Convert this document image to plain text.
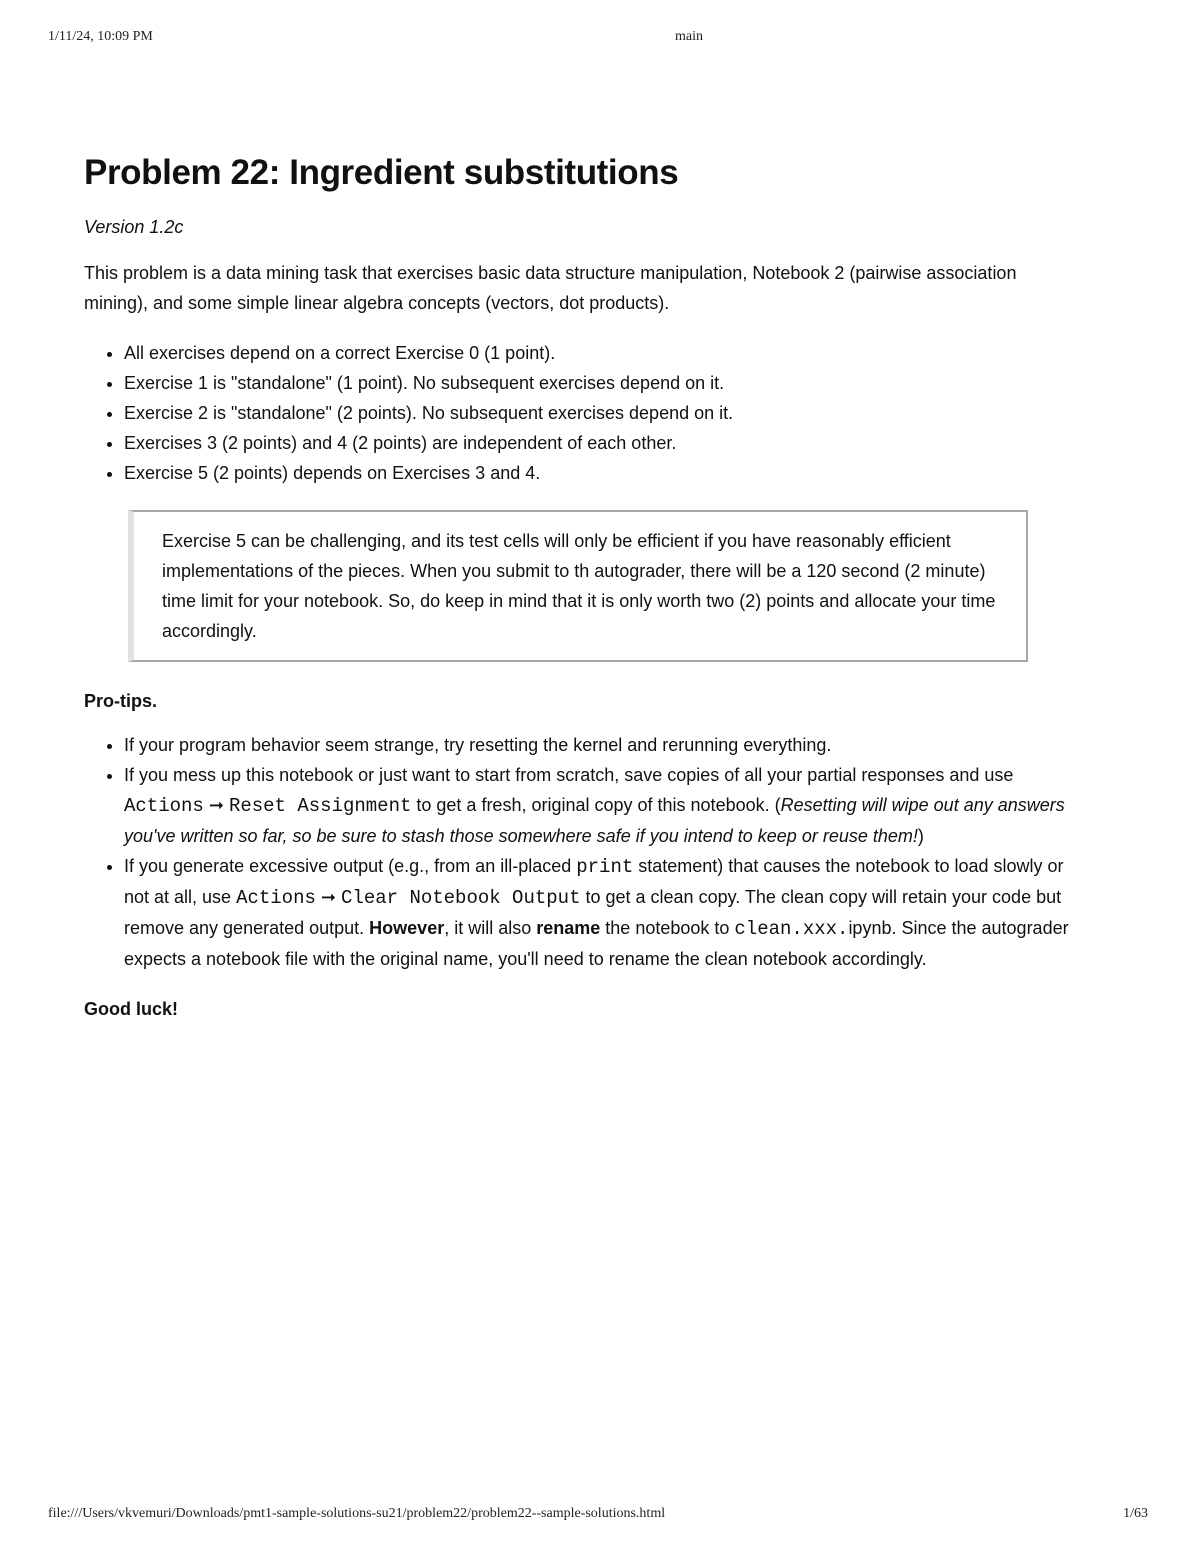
1/11/24, 10:09 PM	main
Problem 22: Ingredient substitutions

Version 1.2c

This problem is a data mining task that exercises basic data structure manipulation, Notebook 2 (pairwise association mining), and some simple linear algebra concepts (vectors, dot products).

• All exercises depend on a correct Exercise 0 (1 point).
• Exercise 1 is "standalone" (1 point). No subsequent exercises depend on it.
• Exercise 2 is "standalone" (2 points). No subsequent exercises depend on it.
• Exercises 3 (2 points) and 4 (2 points) are independent of each other.
• Exercise 5 (2 points) depends on Exercises 3 and 4.
Exercise 5 can be challenging, and its test cells will only be efficient if you have reasonably efficient implementations of the pieces. When you submit to th autograder, there will be a 120 second (2 minute) time limit for your notebook. So, do keep in mind that it is only worth two (2) points and allocate your time accordingly.

Pro-tips.

• If your program behavior seem strange, try resetting the kernel and rerunning everything.
• If you mess up this notebook or just want to start from scratch, save copies of all your partial responses and use Actions ➞ Reset Assignment to get a fresh, original copy of this notebook. (Resetting will wipe out any answers you've written so far, so be sure to stash those somewhere safe if you intend to keep or reuse them!)
• If you generate excessive output (e.g., from an ill-placed print statement) that causes the notebook to load slowly or not at all, use Actions ➞ Clear Notebook Output to get a clean copy. The clean copy will retain your code but remove any generated output. However, it will also rename the notebook to clean.xxx.ipynb. Since the autograder expects a notebook file with the original name, you'll need to rename the clean notebook accordingly.

Good luck!

file:///Users/vkvemuri/Downloads/pmt1-sample-solutions-su21/problem22/problem22--sample-solutions.html	1/63
